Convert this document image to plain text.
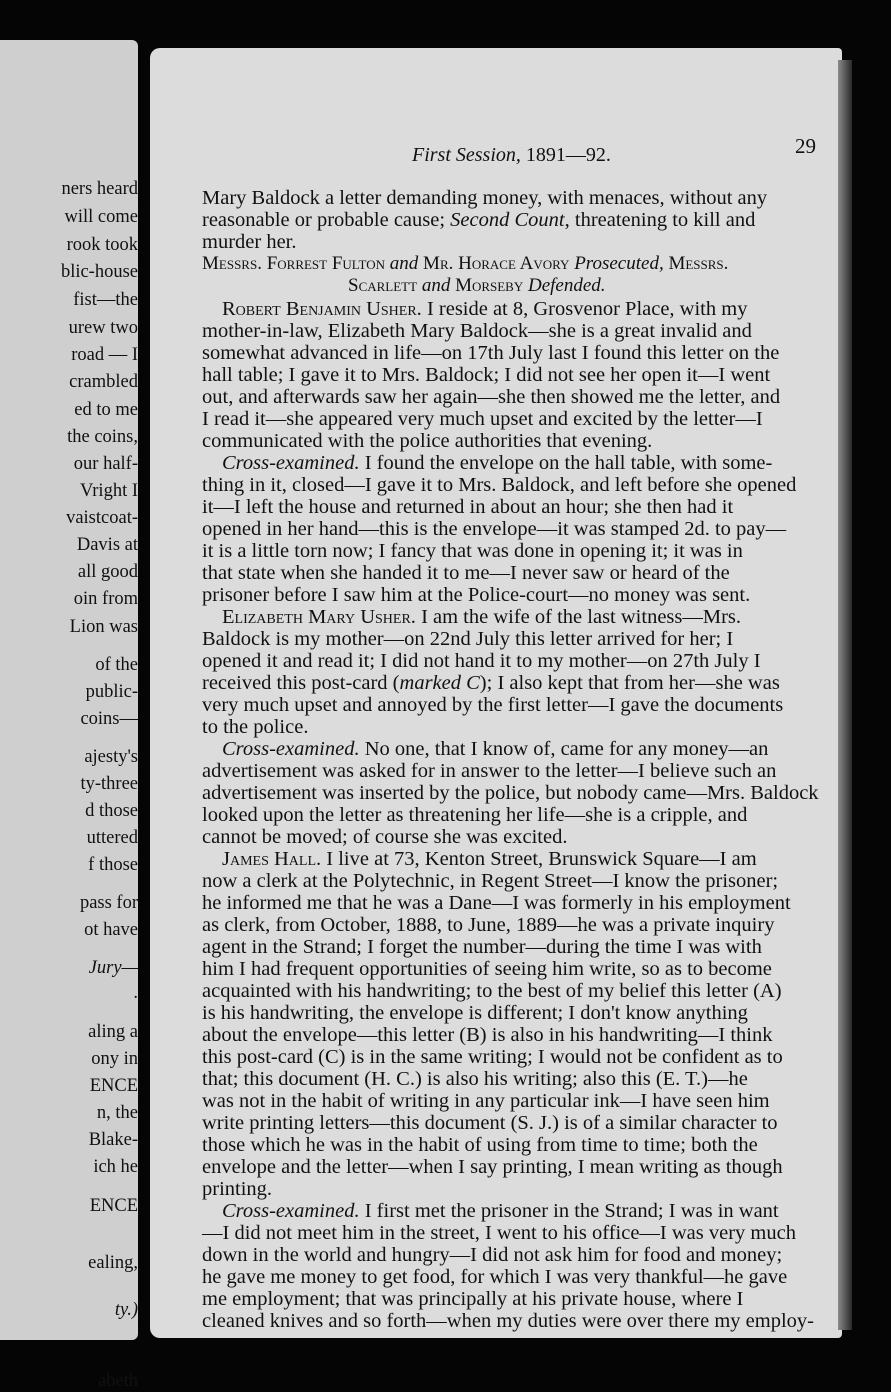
ners heard
will come
rook took
blic-house
fist—the
urew two
road — I
crambled
ed to me
the coins,
our half-
Vright I
vaistcoat-
Davis at
all good
oin from
Lion was
of the
public-
coins—
ajesty's
ty-three
d those
uttered
f those
pass for
ot have
Jury—
.
aling a
ony in
ENCE
n, the
Blake-
ich he
ENCE
ealing,
ty.)
abeth
First Session, 1891—92.	29
Mary Baldock a letter demanding money, with menaces, without any
reasonable or probable cause; Second Count, threatening to kill and
murder her.
Messrs. Forrest Fulton and Mr. Horace Avory Prosecuted, Messrs.
Scarlett and Morseby Defended.
Robert Benjamin Usher. I reside at 8, Grosvenor Place, with my
mother-in-law, Elizabeth Mary Baldock—she is a great invalid and
somewhat advanced in life—on 17th July last I found this letter on the
hall table; I gave it to Mrs. Baldock; I did not see her open it—I went
out, and afterwards saw her again—she then showed me the letter, and
I read it—she appeared very much upset and excited by the letter—I
communicated with the police authorities that evening.
Cross-examined. I found the envelope on the hall table, with some-
thing in it, closed—I gave it to Mrs. Baldock, and left before she opened
it—I left the house and returned in about an hour; she then had it
opened in her hand—this is the envelope—it was stamped 2d. to pay—
it is a little torn now; I fancy that was done in opening it; it was in
that state when she handed it to me—I never saw or heard of the
prisoner before I saw him at the Police-court—no money was sent.
Elizabeth Mary Usher. I am the wife of the last witness—Mrs.
Baldock is my mother—on 22nd July this letter arrived for her; I
opened it and read it; I did not hand it to my mother—on 27th July I
received this post-card (marked C); I also kept that from her—she was
very much upset and annoyed by the first letter—I gave the documents
to the police.
Cross-examined. No one, that I know of, came for any money—an
advertisement was asked for in answer to the letter—I believe such an
advertisement was inserted by the police, but nobody came—Mrs. Baldock
looked upon the letter as threatening her life—she is a cripple, and
cannot be moved; of course she was excited.
James Hall. I live at 73, Kenton Street, Brunswick Square—I am
now a clerk at the Polytechnic, in Regent Street—I know the prisoner;
he informed me that he was a Dane—I was formerly in his employment
as clerk, from October, 1888, to June, 1889—he was a private inquiry
agent in the Strand; I forget the number—during the time I was with
him I had frequent opportunities of seeing him write, so as to become
acquainted with his handwriting; to the best of my belief this letter (A)
is his handwriting, the envelope is different; I don't know anything
about the envelope—this letter (B) is also in his handwriting—I think
this post-card (C) is in the same writing; I would not be confident as to
that; this document (H. C.) is also his writing; also this (E. T.)—he
was not in the habit of writing in any particular ink—I have seen him
write printing letters—this document (S. J.) is of a similar character to
those which he was in the habit of using from time to time; both the
envelope and the letter—when I say printing, I mean writing as though
printing.
Cross-examined. I first met the prisoner in the Strand; I was in want
—I did not meet him in the street, I went to his office—I was very much
down in the world and hungry—I did not ask him for food and money;
he gave me money to get food, for which I was very thankful—he gave
me employment; that was principally at his private house, where I
cleaned knives and so forth—when my duties were over there my employ-
